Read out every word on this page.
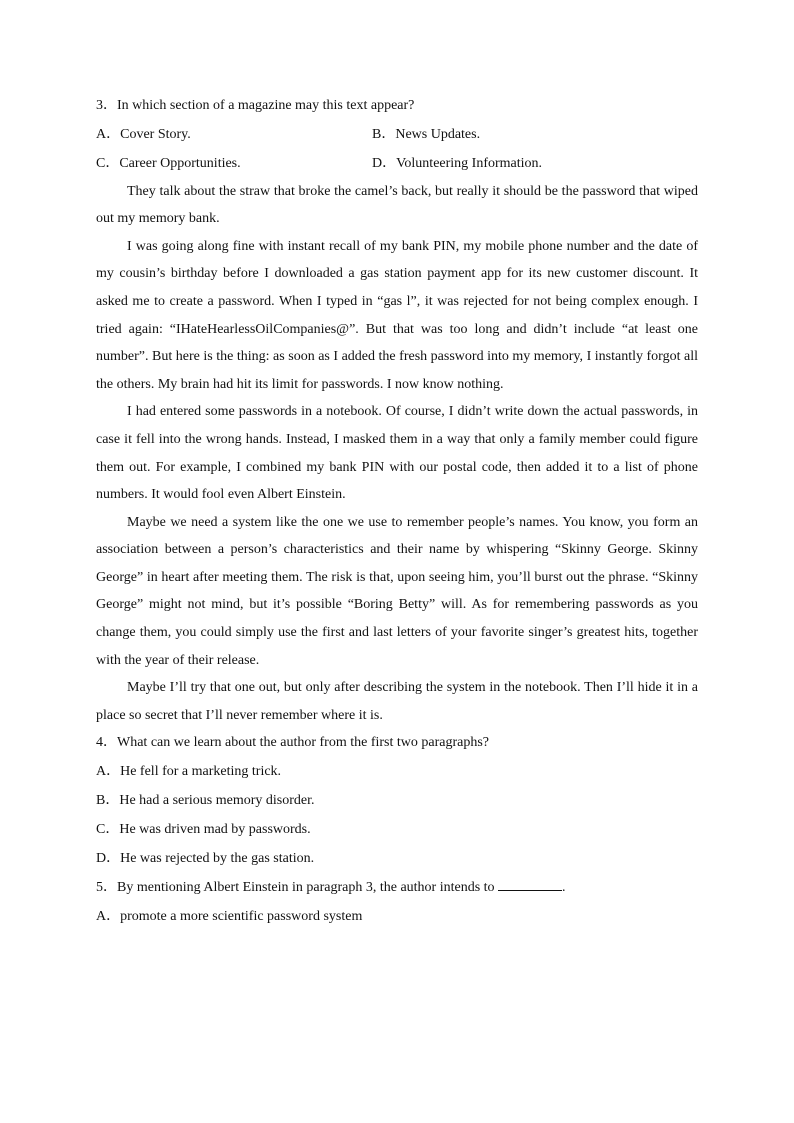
3．In which section of a magazine may this text appear?
A．Cover Story.	B．News Updates.
C．Career Opportunities.	D．Volunteering Information.
They talk about the straw that broke the camel’s back, but really it should be the password that wiped out my memory bank.
I was going along fine with instant recall of my bank PIN, my mobile phone number and the date of my cousin’s birthday before I downloaded a gas station payment app for its new customer discount. It asked me to create a password. When I typed in “gas l”, it was rejected for not being complex enough. I tried again: “IHateHearlessOilCompanies@”. But that was too long and didn’t include “at least one number”. But here is the thing: as soon as I added the fresh password into my memory, I instantly forgot all the others. My brain had hit its limit for passwords. I now know nothing.
I had entered some passwords in a notebook. Of course, I didn’t write down the actual passwords, in case it fell into the wrong hands. Instead, I masked them in a way that only a family member could figure them out. For example, I combined my bank PIN with our postal code, then added it to a list of phone numbers. It would fool even Albert Einstein.
Maybe we need a system like the one we use to remember people’s names. You know, you form an association between a person’s characteristics and their name by whispering “Skinny George. Skinny George” in heart after meeting them. The risk is that, upon seeing him, you’ll burst out the phrase. “Skinny George” might not mind, but it’s possible “Boring Betty” will. As for remembering passwords as you change them, you could simply use the first and last letters of your favorite singer’s greatest hits, together with the year of their release.
Maybe I’ll try that one out, but only after describing the system in the notebook. Then I’ll hide it in a place so secret that I’ll never remember where it is.
4．What can we learn about the author from the first two paragraphs?
A．He fell for a marketing trick.
B．He had a serious memory disorder.
C．He was driven mad by passwords.
D．He was rejected by the gas station.
5．By mentioning Albert Einstein in paragraph 3, the author intends to	.
A．promote a more scientific password system
